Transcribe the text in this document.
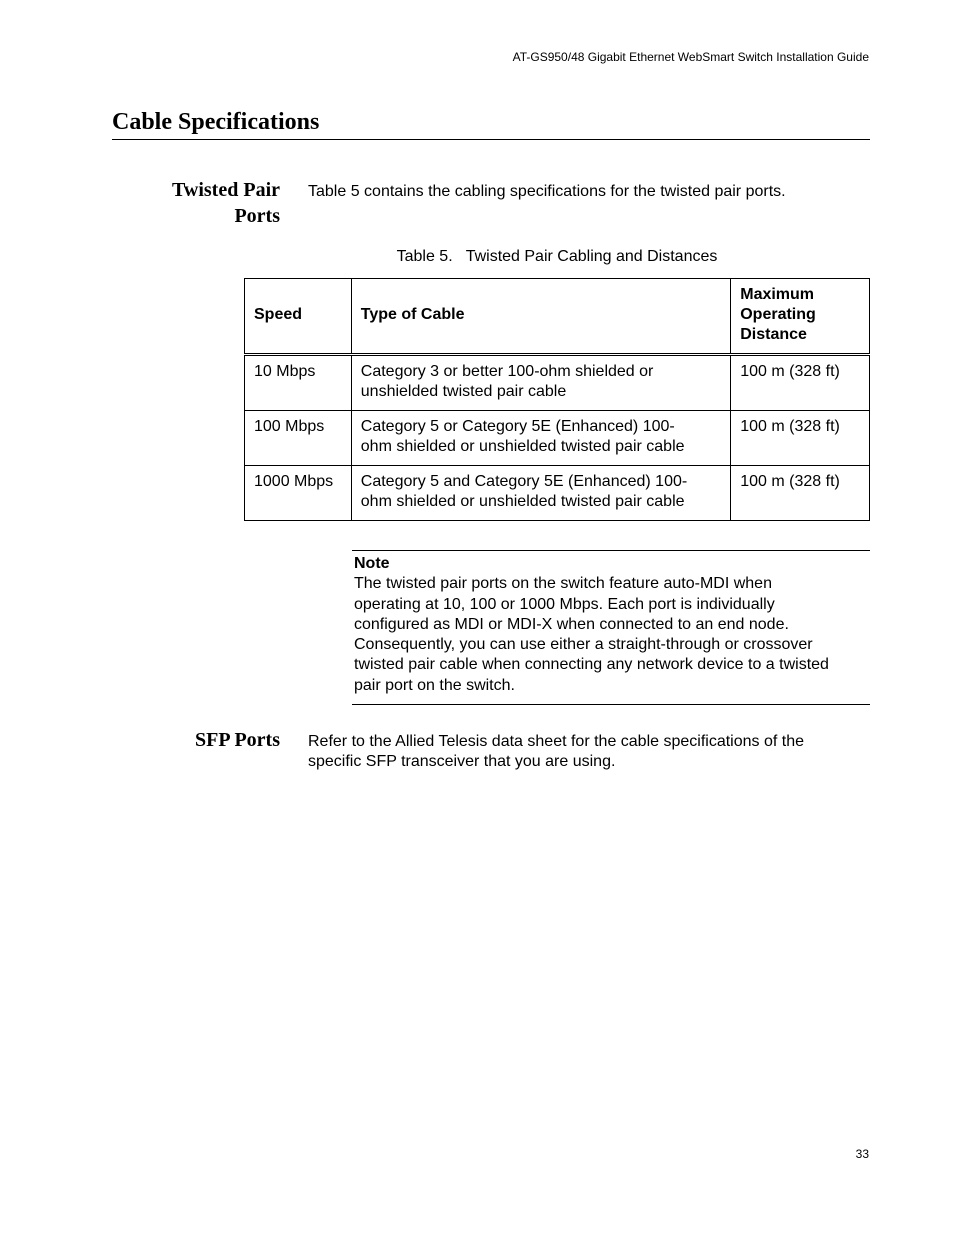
AT-GS950/48 Gigabit Ethernet WebSmart Switch Installation Guide
Cable Specifications
Twisted Pair
Ports

Table 5 contains the cabling specifications for the twisted pair ports.

Table 5.   Twisted Pair Cabling and Distances

Speed	Type of Cable	Maximum
Operating
Distance

10 Mbps	Category 3 or better 100-ohm shielded or
unshielded twisted pair cable	100 m (328 ft)

100 Mbps	Category 5 or Category 5E (Enhanced) 100-
ohm shielded or unshielded twisted pair cable	100 m (328 ft)

1000 Mbps	Category 5 and Category 5E (Enhanced) 100-
ohm shielded or unshielded twisted pair cable	100 m (328 ft)

Note

The twisted pair ports on the switch feature auto-MDI when
operating at 10, 100 or 1000 Mbps. Each port is individually
configured as MDI or MDI-X when connected to an end node.
Consequently, you can use either a straight-through or crossover
twisted pair cable when connecting any network device to a twisted
pair port on the switch.

SFP Ports Refer to the Allied Telesis data sheet for the cable specifications of the
specific SFP transceiver that you are using.

33
